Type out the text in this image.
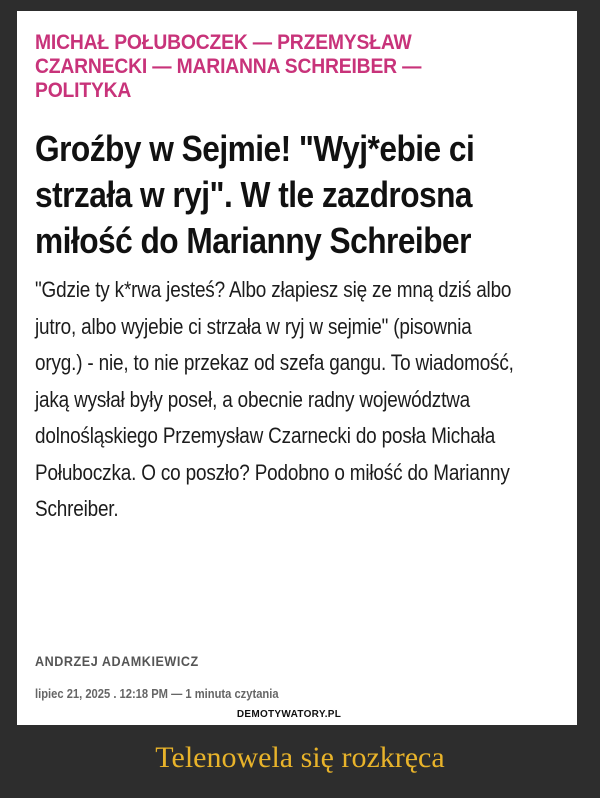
MICHAŁ POŁUBOCZEK — PRZEMYSŁAW CZARNECKI — MARIANNA SCHREIBER — POLITYKA
Groźby w Sejmie! "Wyj*ebie ci strzała w ryj". W tle zazdrosna miłość do Marianny Schreiber
"Gdzie ty k*rwa jesteś? Albo złapiesz się ze mną dziś albo jutro, albo wyjebie ci strzała w ryj w sejmie" (pisownia oryg.) - nie, to nie przekaz od szefa gangu. To wiadomość, jaką wysłał były poseł, a obecnie radny województwa dolnośląskiego Przemysław Czarnecki do posła Michała Połuboczka. O co poszło? Podobno o miłość do Marianny Schreiber.
ANDRZEJ ADAMKIEWICZ
lipiec 21, 2025 . 12:18 PM — 1 minuta czytania
DEMOTYWATORY.PL
Telenowela się rozkręca
